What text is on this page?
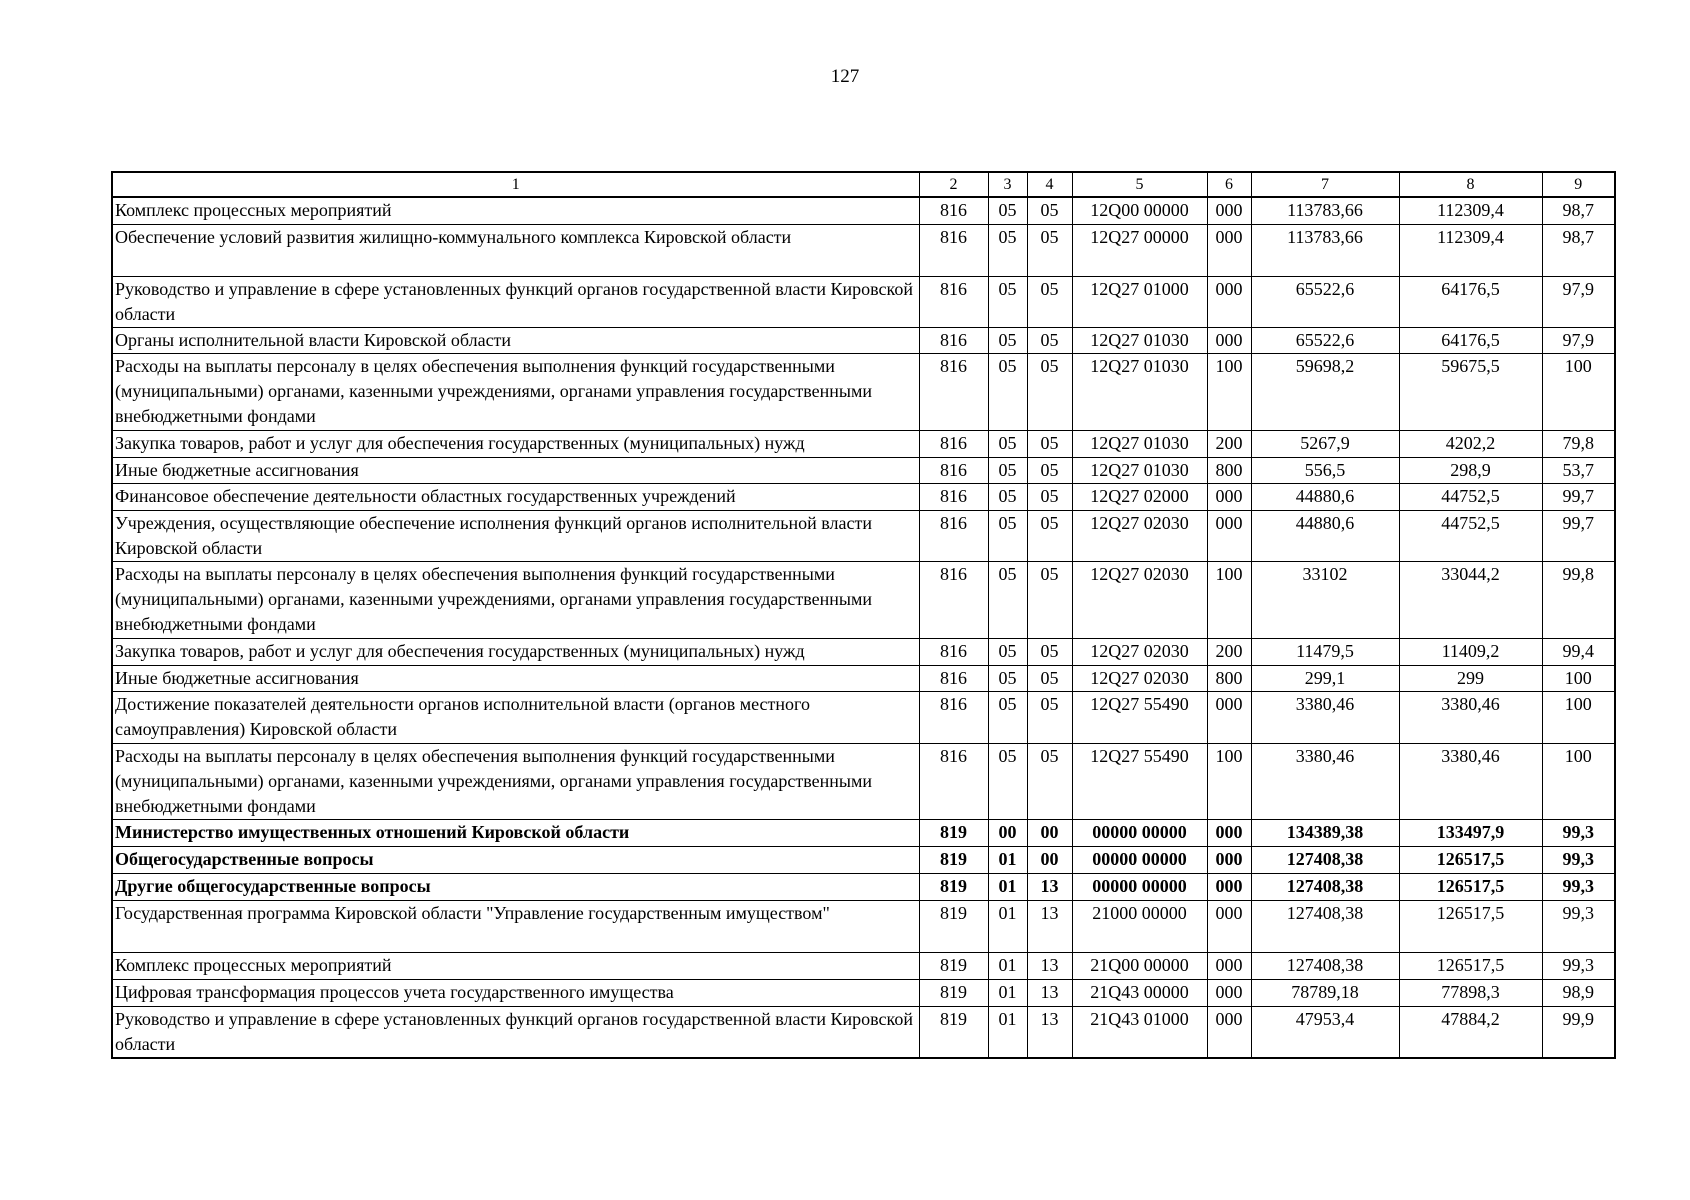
127
1	2	3	4	5	6	7	8	9
Комплекс процессных мероприятий	816	05	05	12Q00 00000	000	113783,66	112309,4	98,7
Обеспечение условий развития жилищно-коммунального комплекса Кировской области	816	05	05	12Q27 00000	000	113783,66	112309,4	98,7
Руководство и управление в сфере установленных функций органов государственной власти Кировской области	816	05	05	12Q27 01000	000	65522,6	64176,5	97,9
Органы исполнительной власти Кировской области	816	05	05	12Q27 01030	000	65522,6	64176,5	97,9
Расходы на выплаты персоналу в целях обеспечения выполнения функций государственными (муниципальными) органами, казенными учреждениями, органами управления государственными внебюджетными фондами	816	05	05	12Q27 01030	100	59698,2	59675,5	100
Закупка товаров, работ и услуг для обеспечения государственных (муниципальных) нужд	816	05	05	12Q27 01030	200	5267,9	4202,2	79,8
Иные бюджетные ассигнования	816	05	05	12Q27 01030	800	556,5	298,9	53,7
Финансовое обеспечение деятельности областных государственных учреждений	816	05	05	12Q27 02000	000	44880,6	44752,5	99,7
Учреждения, осуществляющие обеспечение исполнения функций органов исполнительной власти Кировской области	816	05	05	12Q27 02030	000	44880,6	44752,5	99,7
Расходы на выплаты персоналу в целях обеспечения выполнения функций государственными (муниципальными) органами, казенными учреждениями, органами управления государственными внебюджетными фондами	816	05	05	12Q27 02030	100	33102	33044,2	99,8
Закупка товаров, работ и услуг для обеспечения государственных (муниципальных) нужд	816	05	05	12Q27 02030	200	11479,5	11409,2	99,4
Иные бюджетные ассигнования	816	05	05	12Q27 02030	800	299,1	299	100
Достижение показателей деятельности органов исполнительной власти (органов местного самоуправления) Кировской области	816	05	05	12Q27 55490	000	3380,46	3380,46	100
Расходы на выплаты персоналу в целях обеспечения выполнения функций государственными (муниципальными) органами, казенными учреждениями, органами управления государственными внебюджетными фондами	816	05	05	12Q27 55490	100	3380,46	3380,46	100
Министерство имущественных отношений Кировской области	819	00	00	00000 00000	000	134389,38	133497,9	99,3
Общегосударственные вопросы	819	01	00	00000 00000	000	127408,38	126517,5	99,3
Другие общегосударственные вопросы	819	01	13	00000 00000	000	127408,38	126517,5	99,3
Государственная программа Кировской области "Управление государственным имуществом"	819	01	13	21000 00000	000	127408,38	126517,5	99,3
Комплекс процессных мероприятий	819	01	13	21Q00 00000	000	127408,38	126517,5	99,3
Цифровая трансформация процессов учета государственного имущества	819	01	13	21Q43 00000	000	78789,18	77898,3	98,9
Руководство и управление в сфере установленных функций органов государственной власти Кировской области	819	01	13	21Q43 01000	000	47953,4	47884,2	99,9
